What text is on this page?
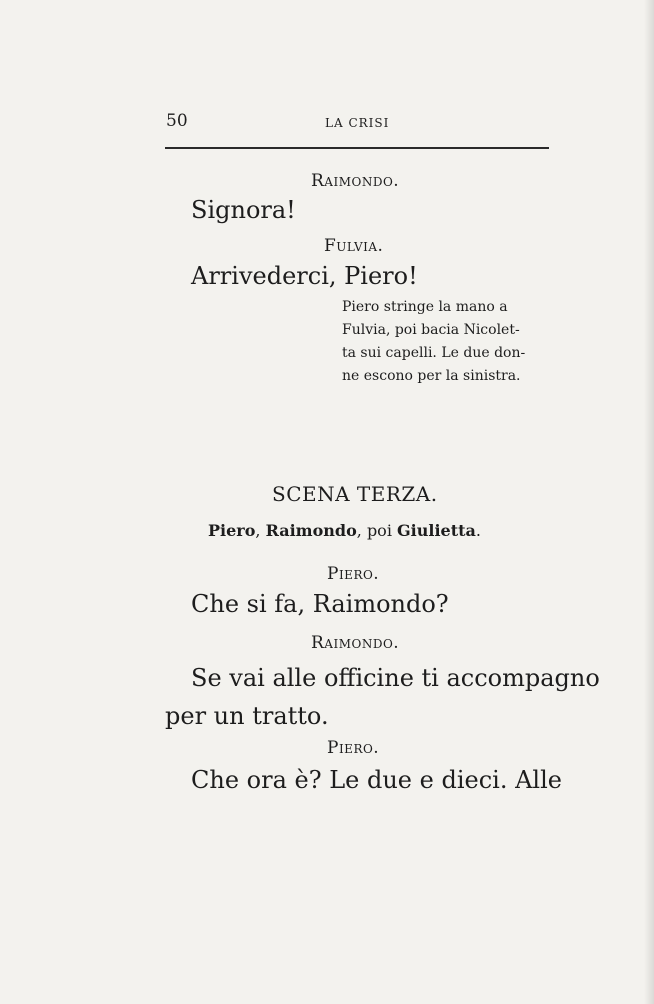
50	LA CRISI
Raimondo.
Signora!
Fulvia.
Arrivederci, Piero!

Piero stringe la mano a

Fulvia, poi bacia Nicolet-

ta sui capelli. Le due don-

ne escono per la sinistra.

SCENA TERZA.
Piero, Raimondo, poi Giulietta.
Piero.
Che si fa, Raimondo?
Raimondo.
Se vai alle officine ti accompagno
per un tratto.
Piero.
Che ora è? Le due e dieci. Alle
